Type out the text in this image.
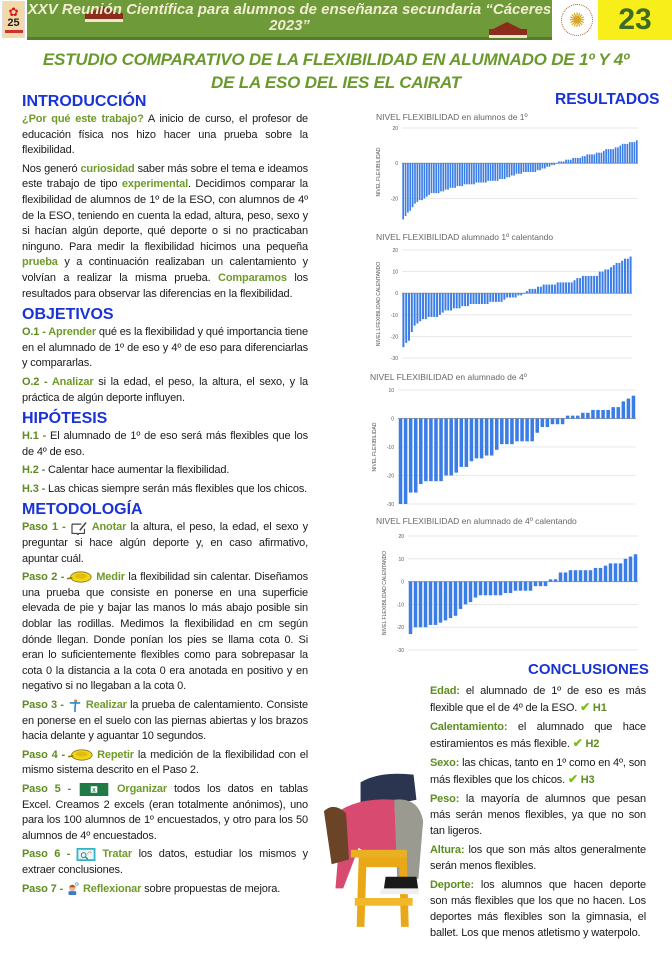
✿
25
XXV Reunión Científica para alumnos de enseñanza secundaria “Cáceres
2023”	✺	23
ESTUDIO COMPARATIVO DE LA FLEXIBILIDAD EN ALUMNADO DE 1º Y 4º
DE LA ESO DEL IES EL CAIRAT
INTRODUCCIÓN

¿Por qué este trabajo? A inicio de curso, el profesor de educación física nos hizo hacer una prueba sobre la flexibilidad.

Nos generó curiosidad saber más sobre el tema e ideamos este trabajo de tipo experimental. Decidimos comparar la flexibilidad de alumnos de 1º de la ESO, con alumnos de 4º de la ESO, teniendo en cuenta la edad, altura, peso, sexo y si hacían algún deporte, qué deporte o si no practicaban ninguno. Para medir la flexibilidad hicimos una pequeña prueba y a continuación realizaban un calentamiento y volvían a realizar la misma prueba. Comparamos los resultados para observar las diferencias en la flexibilidad.

OBJETIVOS

O.1 - Aprender qué es la flexibilidad y qué importancia tiene en el alumnado de 1º de eso y 4º de eso para diferenciarlas y compararlas.

O.2 - Analizar si la edad, el peso, la altura, el sexo, y la práctica de algún deporte influyen.

HIPÓTESIS

H.1 - El alumnado de 1º de eso será más flexibles que los de 4º de eso.

H.2 - Calentar hace aumentar la flexibilidad.

H.3 - Las chicas siempre serán más flexibles que los chicos.

METODOLOGÍA

Paso 1 - Anotar la altura, el peso, la edad, el sexo y preguntar si hace algún deporte y, en caso afirmativo, apuntar cuál.

Paso 2 -	Medir la flexibilidad sin calentar. Diseñamos una prueba que consiste en ponerse en una superficie elevada de pie y bajar las manos lo más abajo posible sin doblar las rodillas. Medimos la flexibilidad en cm según dónde llegan. Donde ponían los pies se llama cota 0. Si eran lo suficientemente flexibles como para sobrepasar la cota 0 la distancia a la cota 0 era anotada en positivo y en negativo si no llegaban a la cota 0.

Paso 3 - Realizar la prueba de calentamiento. Consiste en ponerse en el suelo con las piernas abiertas y los brazos hacia delante y aguantar 10 segundos.

Paso 4 -	Repetir la medición de la flexibilidad con el mismo sistema descrito en el Paso 2.

Paso 5 -	X Organizar todos los datos en tablas Excel. Creamos 2 excels (eran totalmente anónimos), uno para los 100 alumnos de 1º encuestados, y otro para los 50 alumnos de 4º encuestados.

Paso 6 -	Tratar los datos, estudiar los mismos y extraer conclusiones.

Paso 7 - Reflexionar sobre propuestas de mejora.

RESULTADOS
NIVEL FLEXIBILIDAD en alumnos de 1º
NIVEL FLEXIBILIDAD
20
0
-20
NIVEL FLEXIBILIDAD alumnado 1º calentando
NIVEL LFEXIBILIDAD CALENTANDO
20
10
0
-10
-20
-30
NIVEL FLEXIBILIDAD en alumnado de 4º
NIVEL FLEXIBILIDAD
10
0
-10
-20
-30
NIVEL FLEXIBILIDAD en alumnado de 4º calentando
NIVEL FLEXIBILIDAD CALENTANDO
20
10
0
-10
-20
-30
CONCLUSIONES

Edad: el alumnado de 1º de eso es más flexible que el de 4º de la ESO. ✔ H1

Calentamiento: el alumnado que hace estiramientos es más flexible. ✔ H2

Sexo: las chicas, tanto en 1º como en 4º, son más flexibles que los chicos. ✔ H3

Peso: la mayoría de alumnos que pesan más serán menos flexibles, ya que no son tan ligeros.

Altura: los que son más altos generalmente serán menos flexibles.

Deporte: los alumnos que hacen deporte son más flexibles que los que no hacen. Los deportes más flexibles son la gimnasia, el ballet. Los que menos atletismo y waterpolo.
